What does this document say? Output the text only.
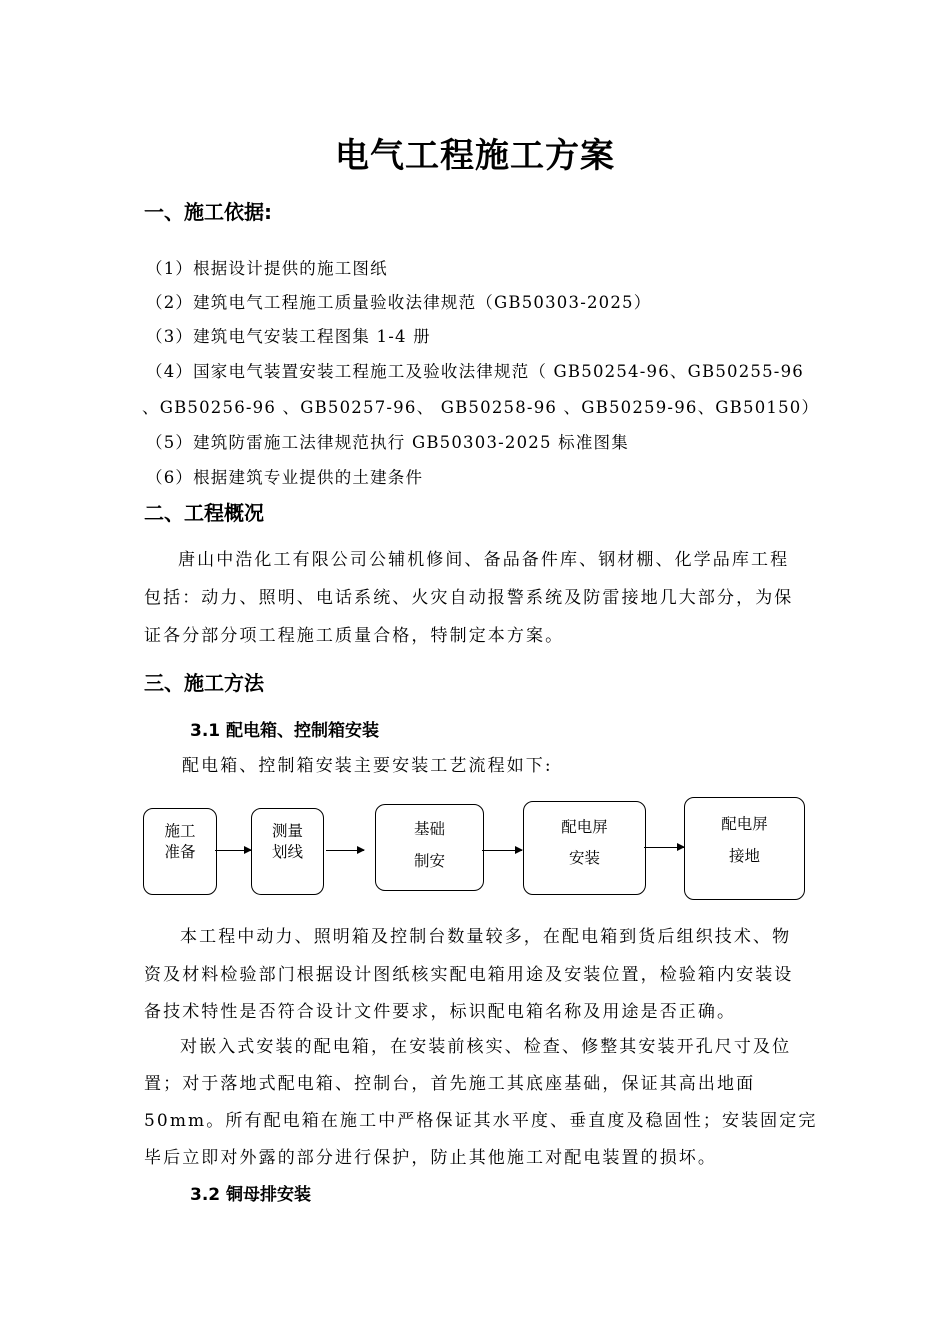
电气工程施工方案
一、施工依据:
（1）根据设计提供的施工图纸
（2）建筑电气工程施工质量验收法律规范（GB50303-2025）
（3）建筑电气安装工程图集 1-4 册
（4）国家电气装置安装工程施工及验收法律规范（ GB50254-96、GB50255-96
、GB50256-96 、GB50257-96、 GB50258-96 、GB50259-96、GB50150）
（5）建筑防雷施工法律规范执行 GB50303-2025 标准图集
（6）根据建筑专业提供的土建条件
二、工程概况
唐山中浩化工有限公司公辅机修间、备品备件库、钢材棚、化学品库工程
包括：动力、照明、电话系统、火灾自动报警系统及防雷接地几大部分，为保
证各分部分项工程施工质量合格，特制定本方案。
三、施工方法
3.1 配电箱、控制箱安装
配电箱、控制箱安装主要安装工艺流程如下:
施工
准备
测量
划线
基础
制安
配电屏
安装
配电屏
接地
本工程中动力、照明箱及控制台数量较多，在配电箱到货后组织技术、物
资及材料检验部门根据设计图纸核实配电箱用途及安装位置，检验箱内安装设
备技术特性是否符合设计文件要求，标识配电箱名称及用途是否正确。
对嵌入式安装的配电箱，在安装前核实、检查、修整其安装开孔尺寸及位
置；对于落地式配电箱、控制台，首先施工其底座基础，保证其高出地面
50mm。所有配电箱在施工中严格保证其水平度、垂直度及稳固性；安装固定完
毕后立即对外露的部分进行保护，防止其他施工对配电装置的损坏。
3.2 铜母排安装
